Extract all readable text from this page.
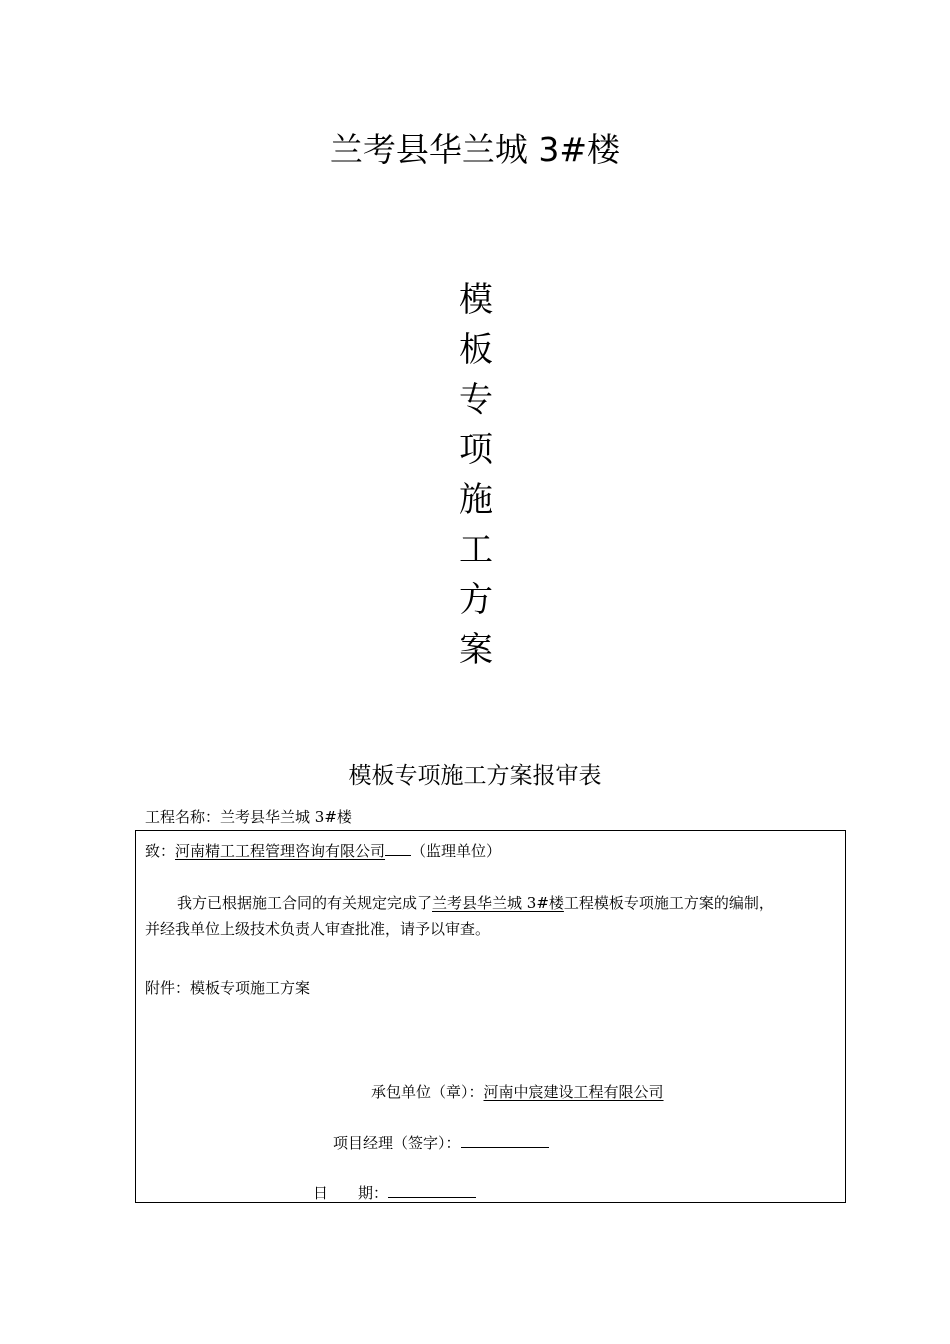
兰考县华兰城 3#楼
模
板
专
项
施
工
方
案
模板专项施工方案报审表
工程名称：兰考县华兰城 3#楼
致：河南精工工程管理咨询有限公司 （监理单位）
我方已根据施工合同的有关规定完成了兰考县华兰城 3#楼工程模板专项施工方案的编制，
并经我单位上级技术负责人审查批准，请予以审查。
附件：模板专项施工方案
承包单位（章）：河南中宸建设工程有限公司
项目经理（签字）：
日　　期：
